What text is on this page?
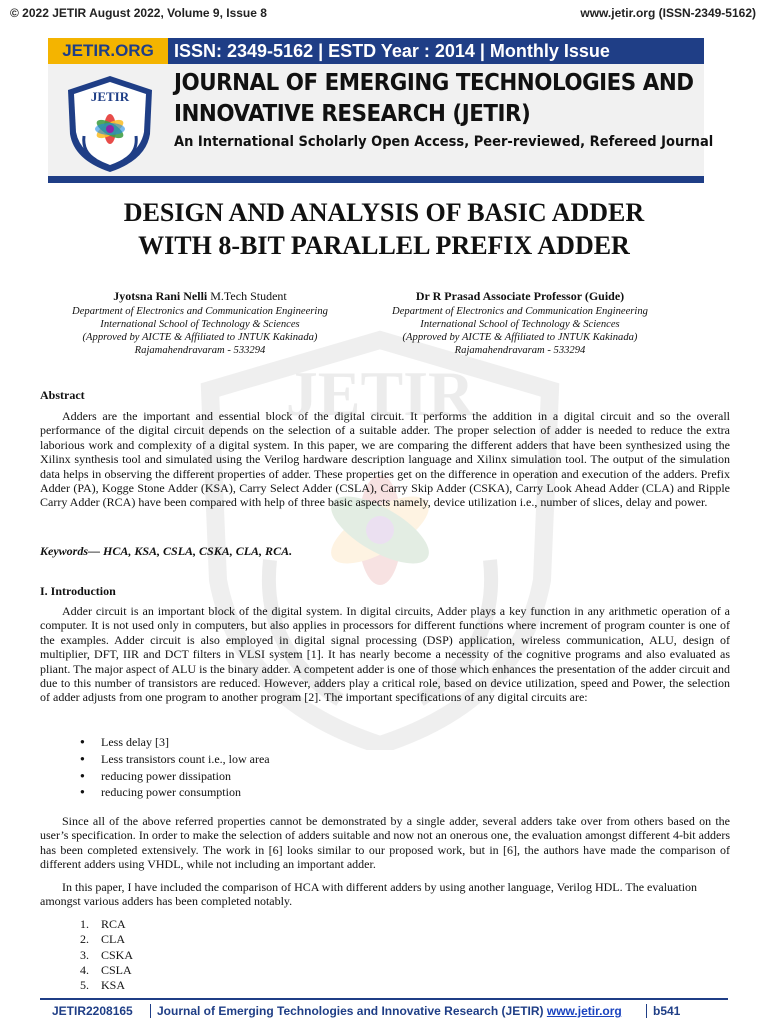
© 2022 JETIR August 2022, Volume 9, Issue 8	www.jetir.org (ISSN-2349-5162)
JETIR.ORG	ISSN: 2349-5162 | ESTD Year : 2014 | Monthly Issue
JETIR
JOURNAL OF EMERGING TECHNOLOGIES AND
INNOVATIVE RESEARCH (JETIR)
An International Scholarly Open Access, Peer-reviewed, Refereed Journal
JETIR
DESIGN AND ANALYSIS OF BASIC ADDER
WITH 8-BIT PARALLEL PREFIX ADDER
Jyotsna Rani Nelli M.Tech Student
Department of Electronics and Communication Engineering
International School of Technology & Sciences
(Approved by AICTE & Affiliated to JNTUK Kakinada)
Rajamahendravaram - 533294
Dr R Prasad Associate Professor (Guide)
Department of Electronics and Communication Engineering
International School of Technology & Sciences
(Approved by AICTE & Affiliated to JNTUK Kakinada)
Rajamahendravaram - 533294
Abstract
Adders are the important and essential block of the digital circuit. It performs the addition in a digital circuit and so the overall performance of the digital circuit depends on the selection of a suitable adder. The proper selection of adder is needed to reduce the extra laborious work and complexity of a digital system. In this paper, we are comparing the different adders that have been synthesized using the Xilinx synthesis tool and simulated using the Verilog hardware description language and Xilinx simulation tool. The output of the simulation data helps in observing the different properties of adder. These properties get on the difference in operation and execution of the adders. Prefix Adder (PA), Kogge Stone Adder (KSA), Carry Select Adder (CSLA), Carry Skip Adder (CSKA), Carry Look Ahead Adder (CLA) and Ripple Carry Adder (RCA) have been compared with help of three basic aspects namely, device utilization i.e., number of slices, delay and power.
Keywords— HCA, KSA, CSLA, CSKA, CLA, RCA.
I. Introduction
Adder circuit is an important block of the digital system. In digital circuits, Adder plays a key function in any arithmetic operation of a computer. It is not used only in computers, but also applies in processors for different functions where increment of program counter is one of the examples. Adder circuit is also employed in digital signal processing (DSP) application, wireless communication, ALU, design of multiplier, DFT, IIR and DCT filters in VLSI system [1]. It has nearly become a necessity of the cognitive programs and also evaluated as pliant. The major aspect of ALU is the binary adder. A competent adder is one of those which enhances the presentation of the adder circuit and due to this number of transistors are reduced. However, adders play a critical role, based on device utilization, speed and Power, the selection of adder adjusts from one program to another program [2]. The important specifications of any digital circuits are:
● Less delay [3]
● Less transistors count i.e., low area
● reducing power dissipation
● reducing power consumption
Since all of the above referred properties cannot be demonstrated by a single adder, several adders take over from others based on the user’s specification. In order to make the selection of adders suitable and now not an onerous one, the evaluation amongst different 4-bit adders has been completed extensively. The work in [6] looks similar to our proposed work, but in [6], the authors have made the comparison of different adders using VHDL, while not including an important adder.
In this paper, I have included the comparison of HCA with different adders by using another language, Verilog HDL. The evaluation amongst various adders has been completed notably.
1. RCA
2. CLA
3. CSKA
4. CSLA
5. KSA
JETIR2208165	Journal of Emerging Technologies and Innovative Research (JETIR) www.jetir.org	b541
